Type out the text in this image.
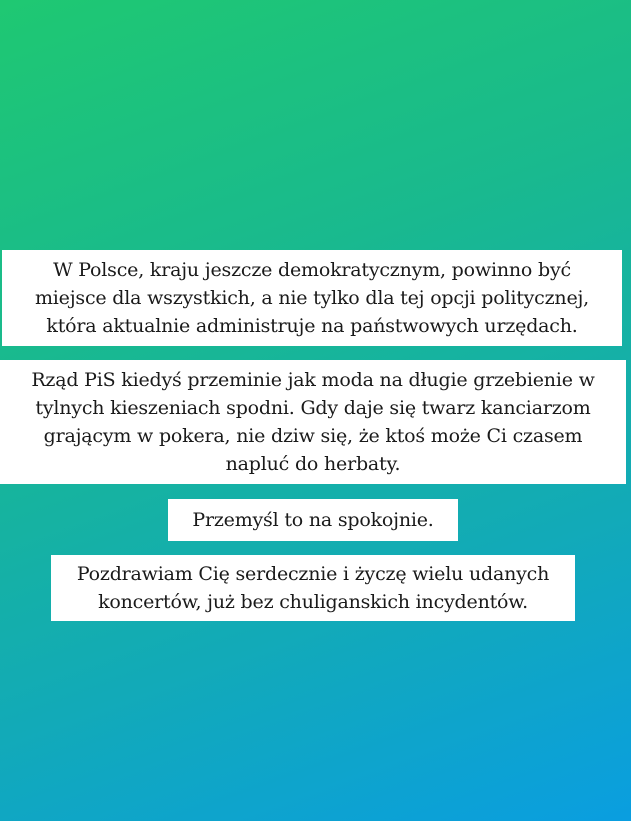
W Polsce, kraju jeszcze demokratycznym, powinno być
miejsce dla wszystkich, a nie tylko dla tej opcji politycznej,
która aktualnie administruje na państwowych urzędach.
Rząd PiS kiedyś przeminie jak moda na długie grzebienie w
tylnych kieszeniach spodni. Gdy daje się twarz kanciarzom
grającym w pokera, nie dziw się, że ktoś może Ci czasem
napluć do herbaty.
Przemyśl to na spokojnie.
Pozdrawiam Cię serdecznie i życzę wielu udanych
koncertów, już bez chuliganskich incydentów.
